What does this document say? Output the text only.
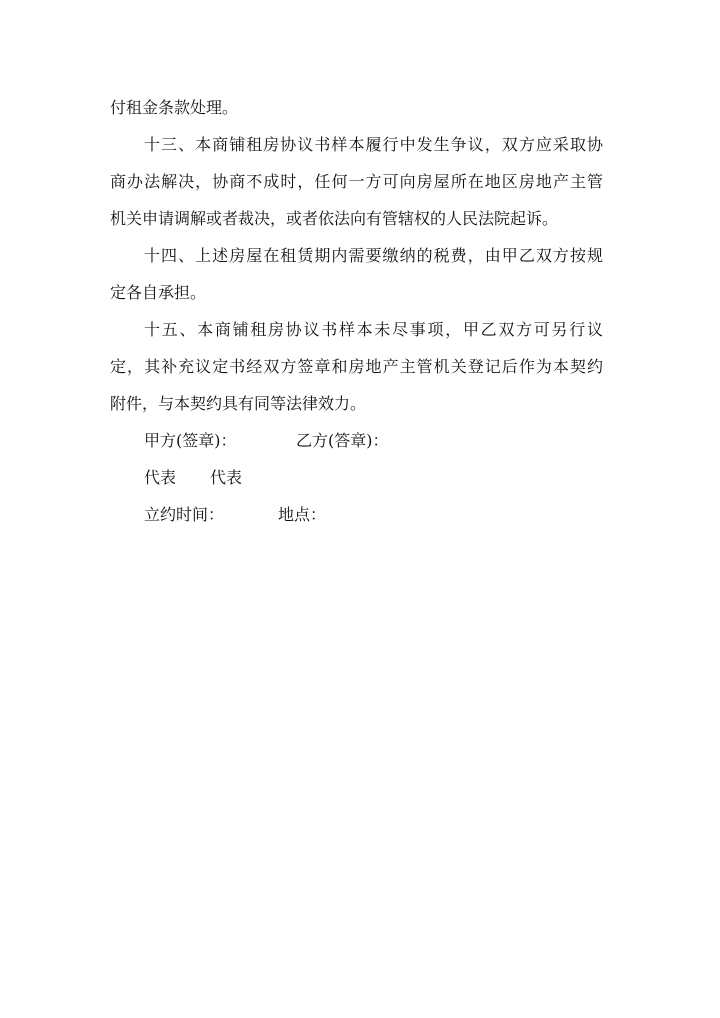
付租金条款处理。
十三、本商铺租房协议书样本履行中发生争议，双方应采取协
商办法解决，协商不成时，任何一方可向房屋所在地区房地产主管
机关申请调解或者裁决，或者依法向有管辖权的人民法院起诉。
十四、上述房屋在租赁期内需要缴纳的税费，由甲乙双方按规
定各自承担。
十五、本商铺租房协议书样本未尽事项，甲乙双方可另行议
定，其补充议定书经双方签章和房地产主管机关登记后作为本契约
附件，与本契约具有同等法律效力。
甲方(签章)：	乙方(答章)：
代表 代表
立约时间：	地点：
